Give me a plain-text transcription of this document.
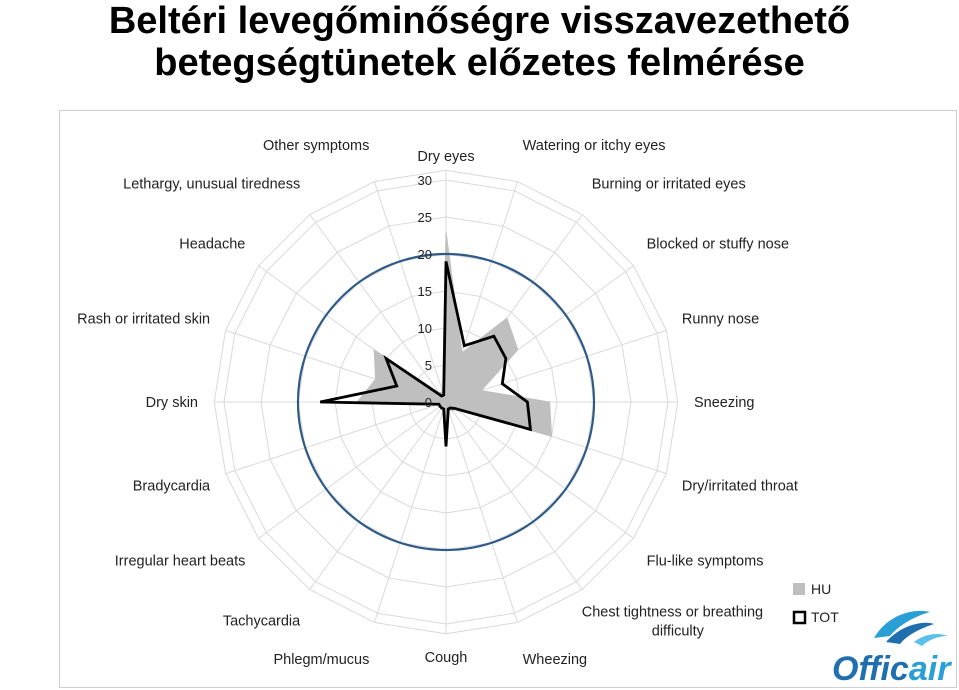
Beltéri levegőminőségre visszavezethető
betegségtünetek előzetes felmérése
Dry eyes
Watering or itchy eyes
Burning or irritated eyes
Blocked or stuffy nose
Runny nose
Sneezing
Dry/irritated throat
Flu-like symptoms
Chest tightness or breathing difficulty
Wheezing
Cough
Phlegm/mucus
Tachycardia
Irregular heart beats
Bradycardia
Dry skin
Rash or irritated skin
Headache
Lethargy, unusual tiredness
Other symptoms
0
5
10
15
20
25
30
HU
TOT
Officair
